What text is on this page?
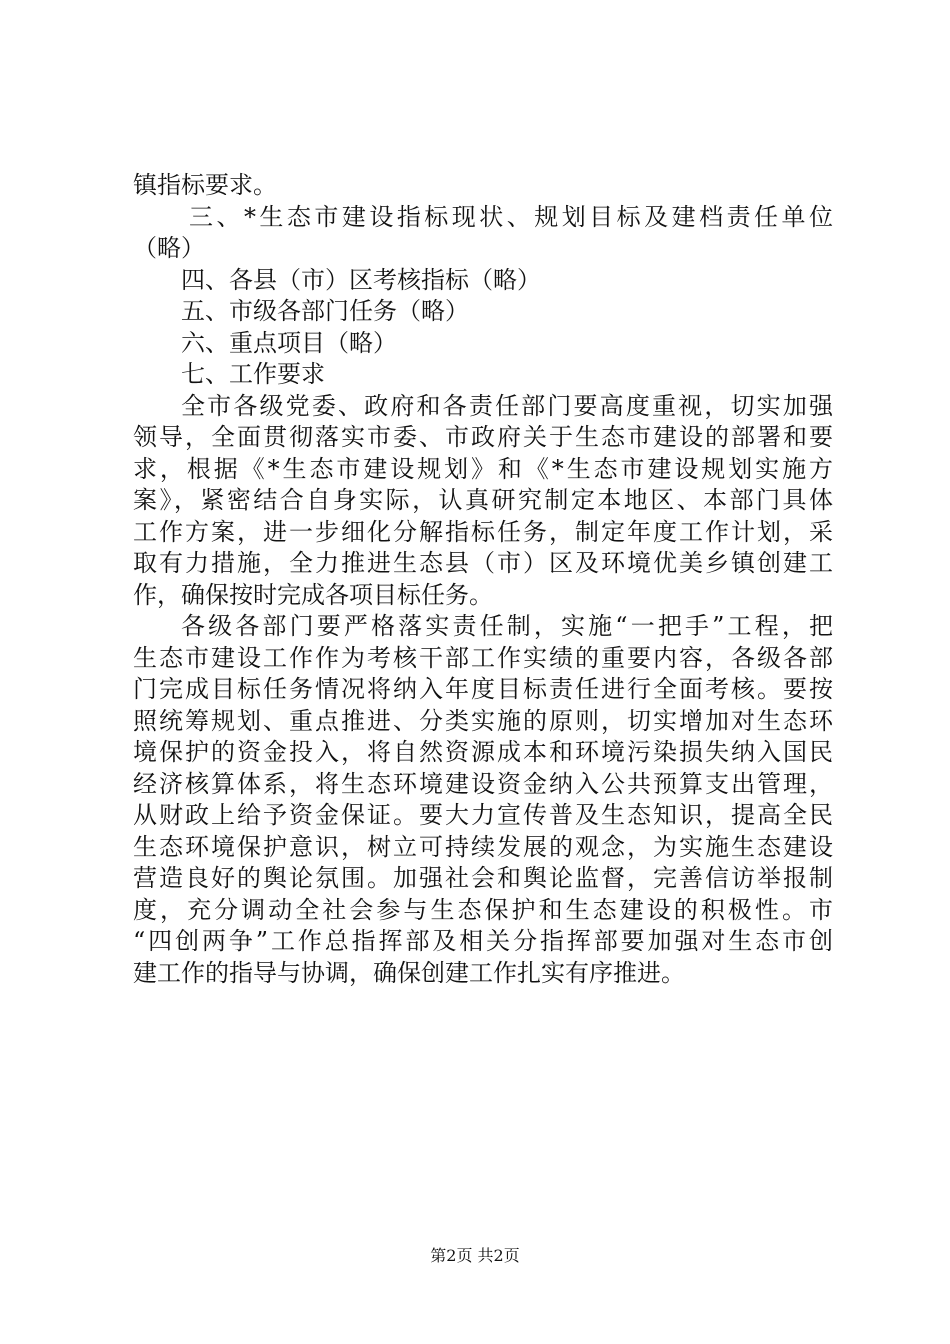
镇指标要求。
三、*生态市建设指标现状、规划目标及建档责任单位
（略）
四、各县（市）区考核指标（略）
五、市级各部门任务（略）
六、重点项目（略）
七、工作要求
全市各级党委、政府和各责任部门要高度重视，切实加强
领导，全面贯彻落实市委、市政府关于生态市建设的部署和要
求，根据《*生态市建设规划》和《*生态市建设规划实施方
案》，紧密结合自身实际，认真研究制定本地区、本部门具体
工作方案，进一步细化分解指标任务，制定年度工作计划，采
取有力措施，全力推进生态县（市）区及环境优美乡镇创建工
作，确保按时完成各项目标任务。
各级各部门要严格落实责任制，实施“一把手”工程，把
生态市建设工作作为考核干部工作实绩的重要内容，各级各部
门完成目标任务情况将纳入年度目标责任进行全面考核。要按
照统筹规划、重点推进、分类实施的原则，切实增加对生态环
境保护的资金投入，将自然资源成本和环境污染损失纳入国民
经济核算体系，将生态环境建设资金纳入公共预算支出管理，
从财政上给予资金保证。要大力宣传普及生态知识，提高全民
生态环境保护意识，树立可持续发展的观念，为实施生态建设
营造良好的舆论氛围。加强社会和舆论监督，完善信访举报制
度，充分调动全社会参与生态保护和生态建设的积极性。市
“四创两争”工作总指挥部及相关分指挥部要加强对生态市创
建工作的指导与协调，确保创建工作扎实有序推进。
第2页 共2页
